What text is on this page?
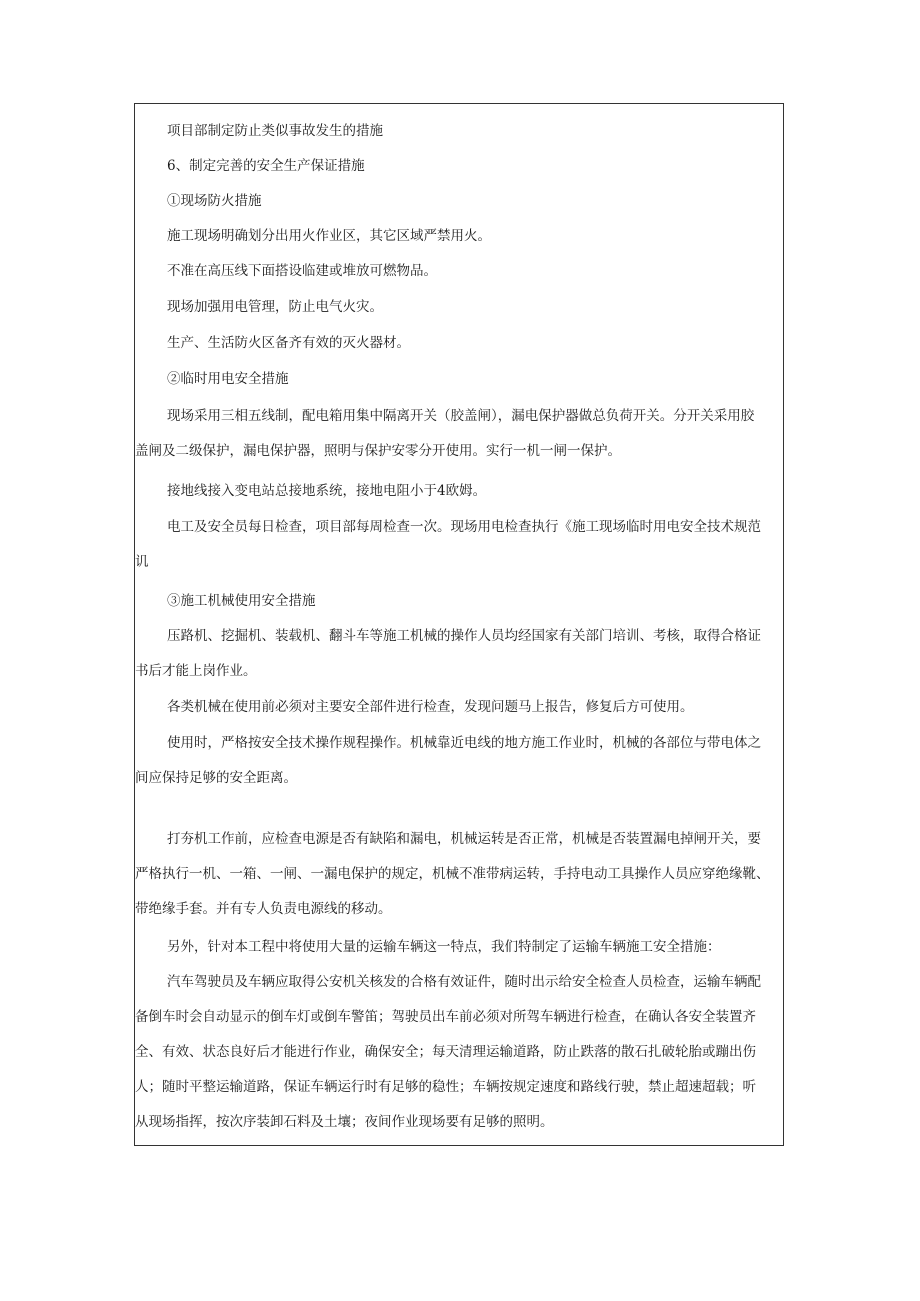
项目部制定防止类似事故发生的措施
6、制定完善的安全生产保证措施
①现场防火措施
施工现场明确划分出用火作业区，其它区域严禁用火。
不准在高压线下面搭设临建或堆放可燃物品。
现场加强用电管理，防止电气火灾。
生产、生活防火区备齐有效的灭火器材。
②临时用电安全措施
现场采用三相五线制，配电箱用集中隔离开关（胶盖闸），漏电保护器做总负荷开关。分开关采用胶
盖闸及二级保护，漏电保护器，照明与保护安零分开使用。实行一机一闸一保护。
接地线接入变电站总接地系统，接地电阻小于4欧姆。
电工及安全员每日检查，项目部每周检查一次。现场用电检查执行《施工现场临时用电安全技术规范
讥
③施工机械使用安全措施
压路机、挖掘机、装载机、翻斗车等施工机械的操作人员均经国家有关部门培训、考核，取得合格证
书后才能上岗作业。
各类机械在使用前必须对主要安全部件进行检查，发现问题马上报告，修复后方可使用。
使用时，严格按安全技术操作规程操作。机械靠近电线的地方施工作业时，机械的各部位与带电体之
间应保持足够的安全距离。
打夯机工作前，应检查电源是否有缺陷和漏电，机械运转是否正常，机械是否装置漏电掉闸开关，要
严格执行一机、一箱、一闸、一漏电保护的规定，机械不准带病运转，手持电动工具操作人员应穿绝缘靴、
带绝缘手套。并有专人负责电源线的移动。
另外，针对本工程中将使用大量的运输车辆这一特点，我们特制定了运输车辆施工安全措施：
汽车驾驶员及车辆应取得公安机关核发的合格有效证件，随时出示给安全检查人员检查，运输车辆配
备倒车时会自动显示的倒车灯或倒车警笛；驾驶员出车前必须对所驾车辆进行检查，在确认各安全装置齐
全、有效、状态良好后才能进行作业，确保安全；每天清理运输道路，防止跌落的散石扎破轮胎或蹦出伤
人；随时平整运输道路，保证车辆运行时有足够的稳性；车辆按规定速度和路线行驶，禁止超速超载；听
从现场指挥，按次序装卸石料及土壤；夜间作业现场要有足够的照明。
